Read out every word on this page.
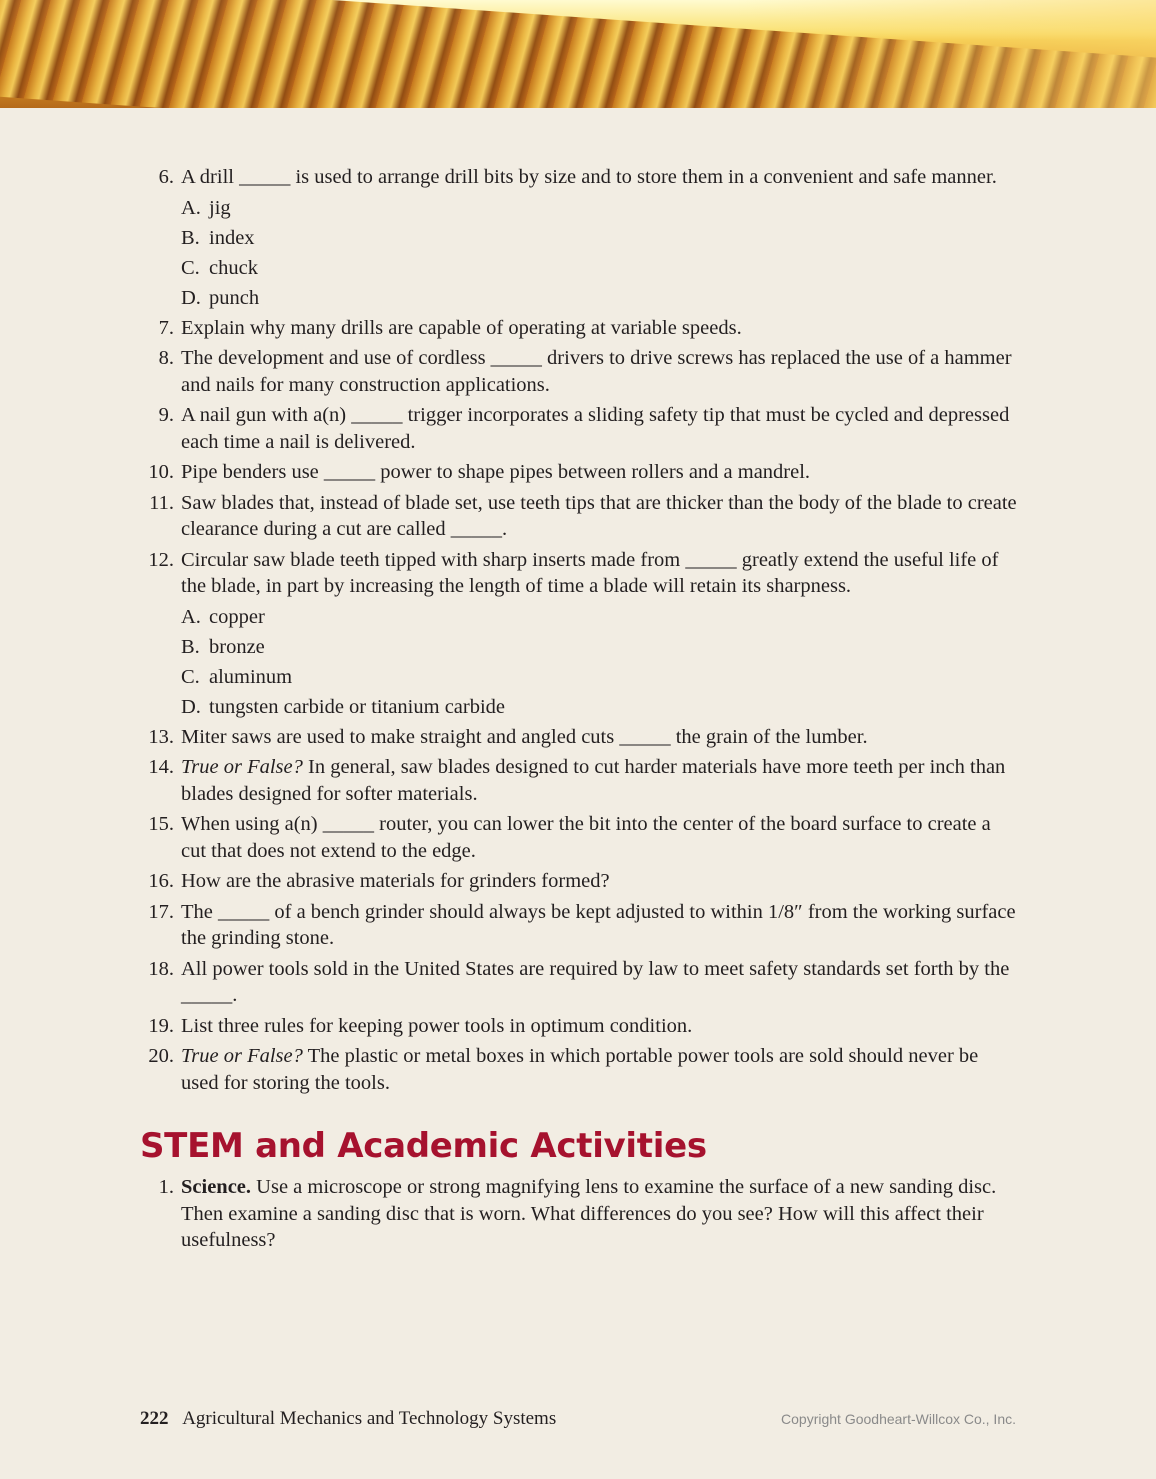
6. A drill _____ is used to arrange drill bits by size and to store them in a convenient and safe manner.
A. jig
B. index
C. chuck
D. punch
7. Explain why many drills are capable of operating at variable speeds.
8. The development and use of cordless _____ drivers to drive screws has replaced the use of a hammer and nails for many construction applications.
9. A nail gun with a(n) _____ trigger incorporates a sliding safety tip that must be cycled and depressed each time a nail is delivered.
10. Pipe benders use _____ power to shape pipes between rollers and a mandrel.
11. Saw blades that, instead of blade set, use teeth tips that are thicker than the body of the blade to create clearance during a cut are called _____.
12. Circular saw blade teeth tipped with sharp inserts made from _____ greatly extend the useful life of the blade, in part by increasing the length of time a blade will retain its sharpness.
A. copper
B. bronze
C. aluminum
D. tungsten carbide or titanium carbide
13. Miter saws are used to make straight and angled cuts _____ the grain of the lumber.
14. True or False? In general, saw blades designed to cut harder materials have more teeth per inch than blades designed for softer materials.
15. When using a(n) _____ router, you can lower the bit into the center of the board surface to create a cut that does not extend to the edge.
16. How are the abrasive materials for grinders formed?
17. The _____ of a bench grinder should always be kept adjusted to within 1/8″ from the working surface the grinding stone.
18. All power tools sold in the United States are required by law to meet safety standards set forth by the _____.
19. List three rules for keeping power tools in optimum condition.
20. True or False? The plastic or metal boxes in which portable power tools are sold should never be used for storing the tools.
STEM and Academic Activities
1. Science. Use a microscope or strong magnifying lens to examine the surface of a new sanding disc. Then examine a sanding disc that is worn. What differences do you see? How will this affect their usefulness?
222 Agricultural Mechanics and Technology Systems	Copyright Goodheart-Willcox Co., Inc.
